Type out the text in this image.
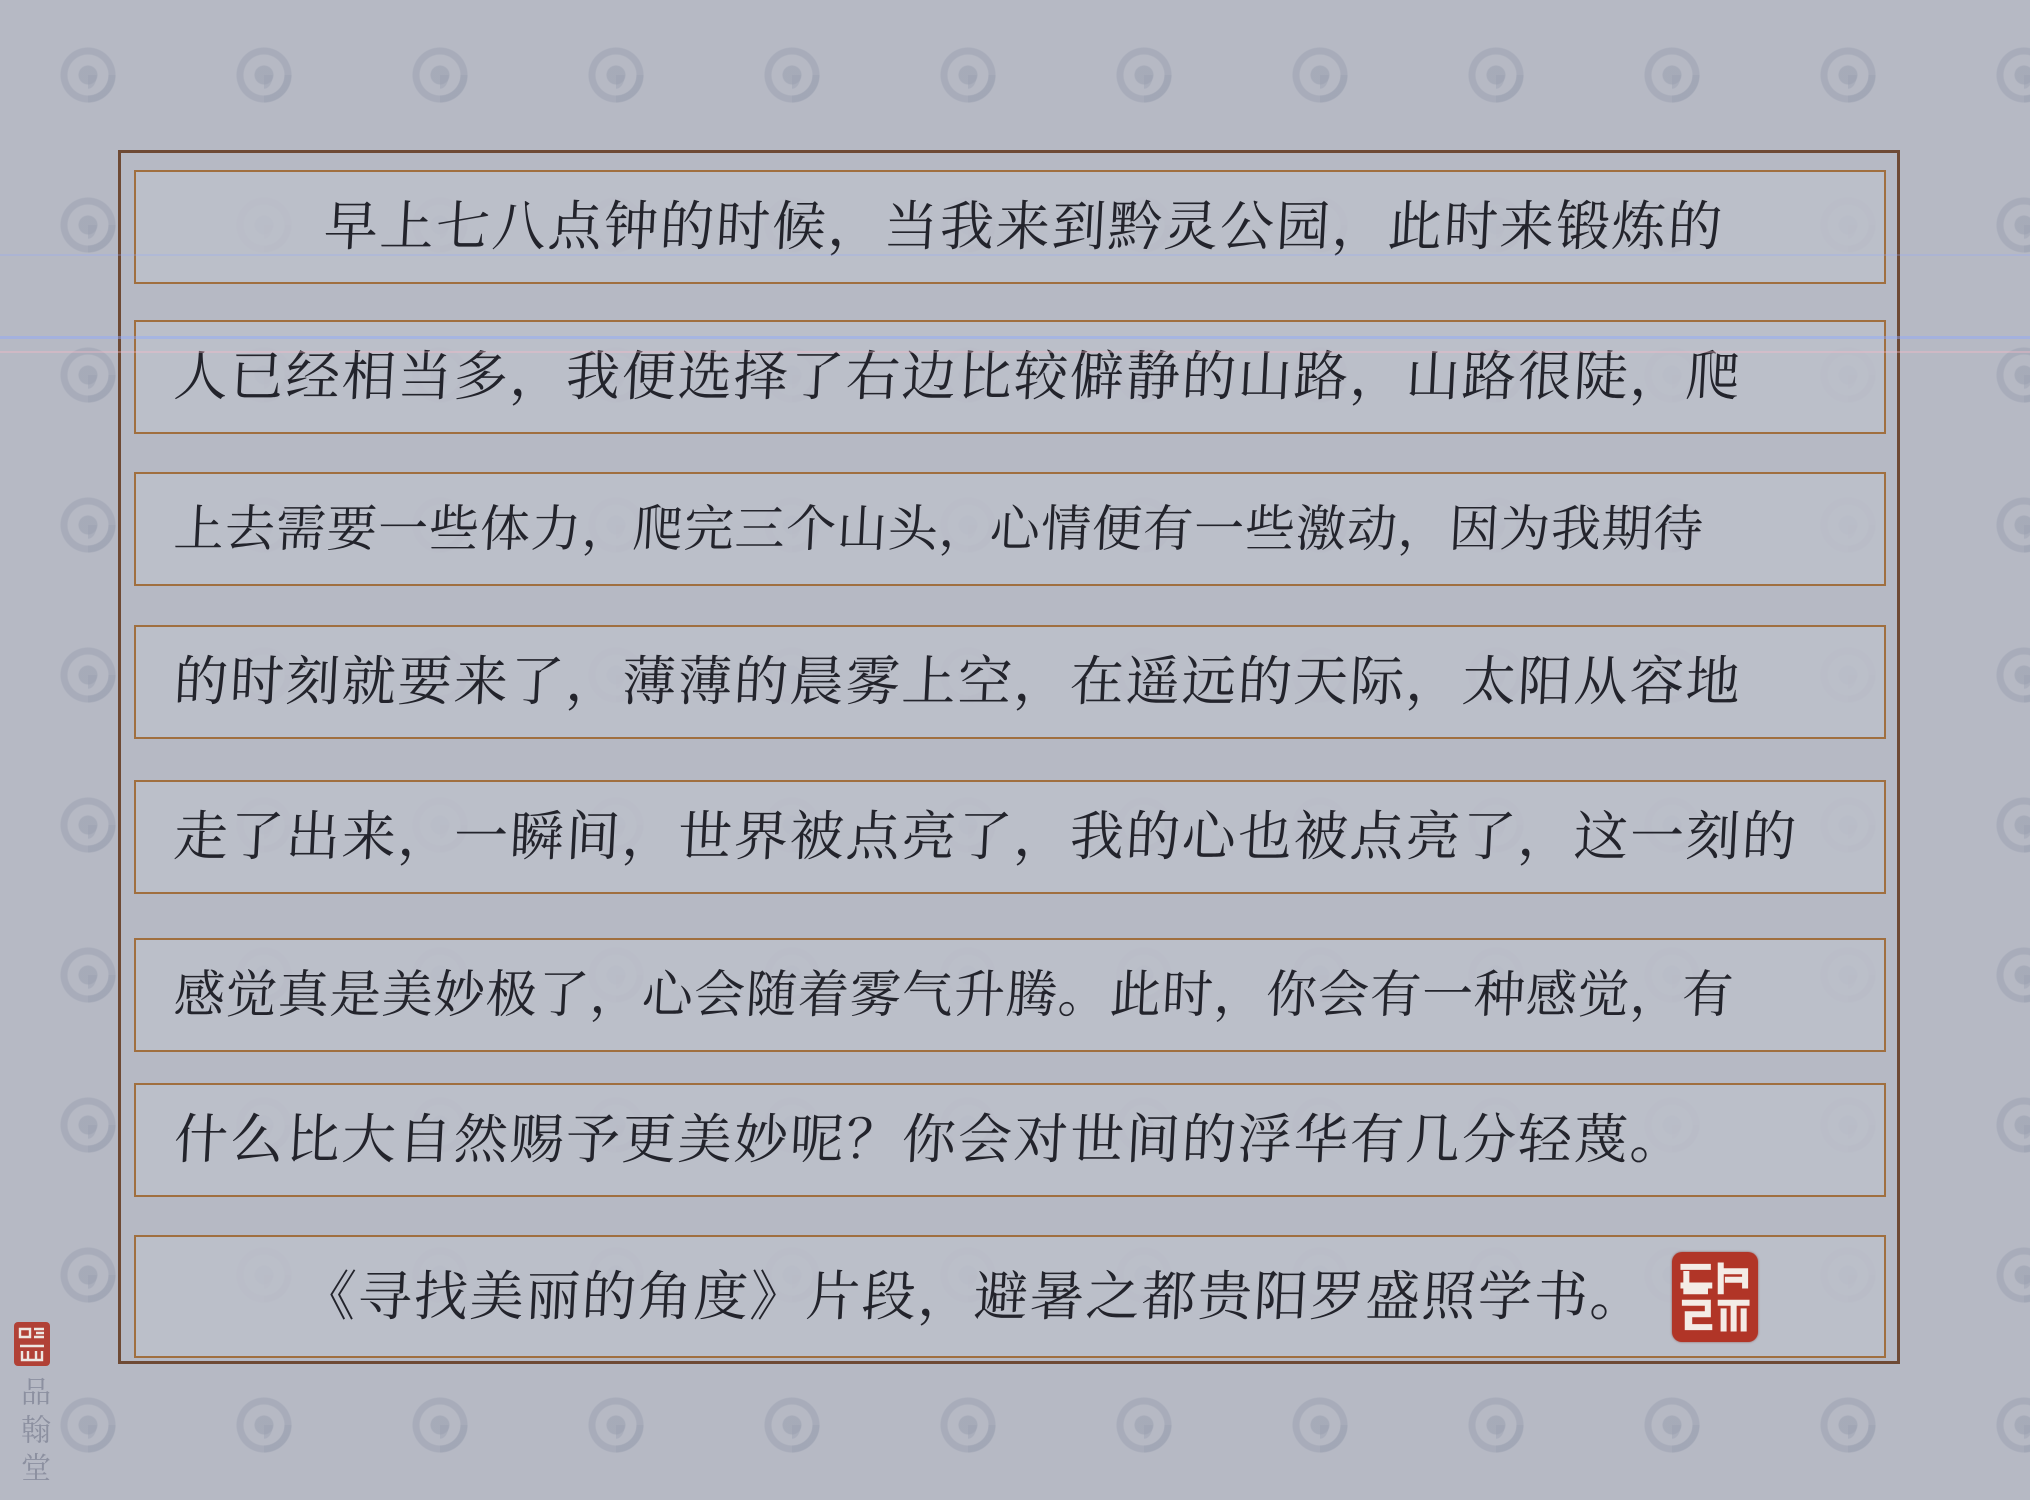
早上七八点钟的时候，当我来到黔灵公园，此时来锻炼的
人已经相当多，我便选择了右边比较僻静的山路，山路很陡，爬
上去需要一些体力，爬完三个山头，心情便有一些激动，因为我期待
的时刻就要来了，薄薄的晨雾上空，在遥远的天际，太阳从容地
走了出来，一瞬间，世界被点亮了，我的心也被点亮了，这一刻的
感觉真是美妙极了，心会随着雾气升腾。此时，你会有一种感觉，有
什么比大自然赐予更美妙呢？你会对世间的浮华有几分轻蔑。
《寻找美丽的角度》片段，避暑之都贵阳罗盛照学书。
品翰堂
